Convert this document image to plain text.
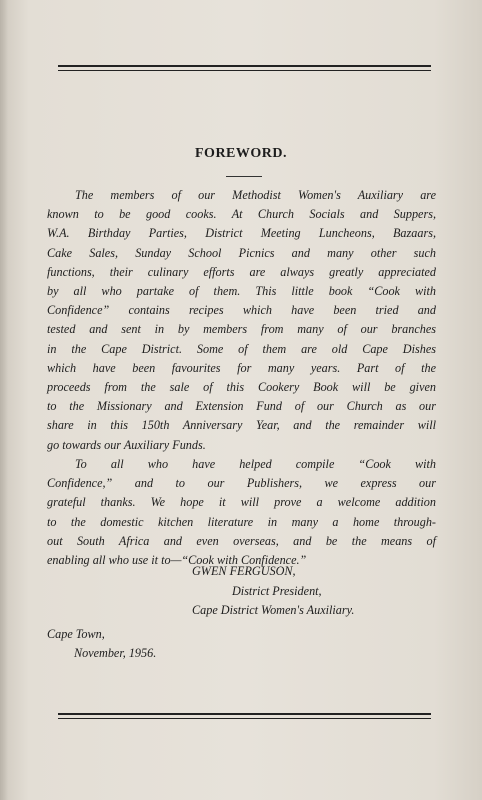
FOREWORD.
The members of our Methodist Women's Auxiliary are
known to be good cooks. At Church Socials and Suppers,
W.A. Birthday Parties, District Meeting Luncheons, Bazaars,
Cake Sales, Sunday School Picnics and many other such
functions, their culinary efforts are always greatly appreciated
by all who partake of them. This little book “Cook with
Confidence” contains recipes which have been tried and
tested and sent in by members from many of our branches
in the Cape District. Some of them are old Cape Dishes
which have been favourites for many years. Part of the
proceeds from the sale of this Cookery Book will be given
to the Missionary and Extension Fund of our Church as our
share in this 150th Anniversary Year, and the remainder will
go towards our Auxiliary Funds.
To all who have helped compile “Cook with
Confidence,” and to our Publishers, we express our
grateful thanks. We hope it will prove a welcome addition
to the domestic kitchen literature in many a home through-
out South Africa and even overseas, and be the means of
enabling all who use it to—“Cook with Confidence.”
GWEN FERGUSON,
District President,
Cape District Women's Auxiliary.
Cape Town,
November, 1956.
